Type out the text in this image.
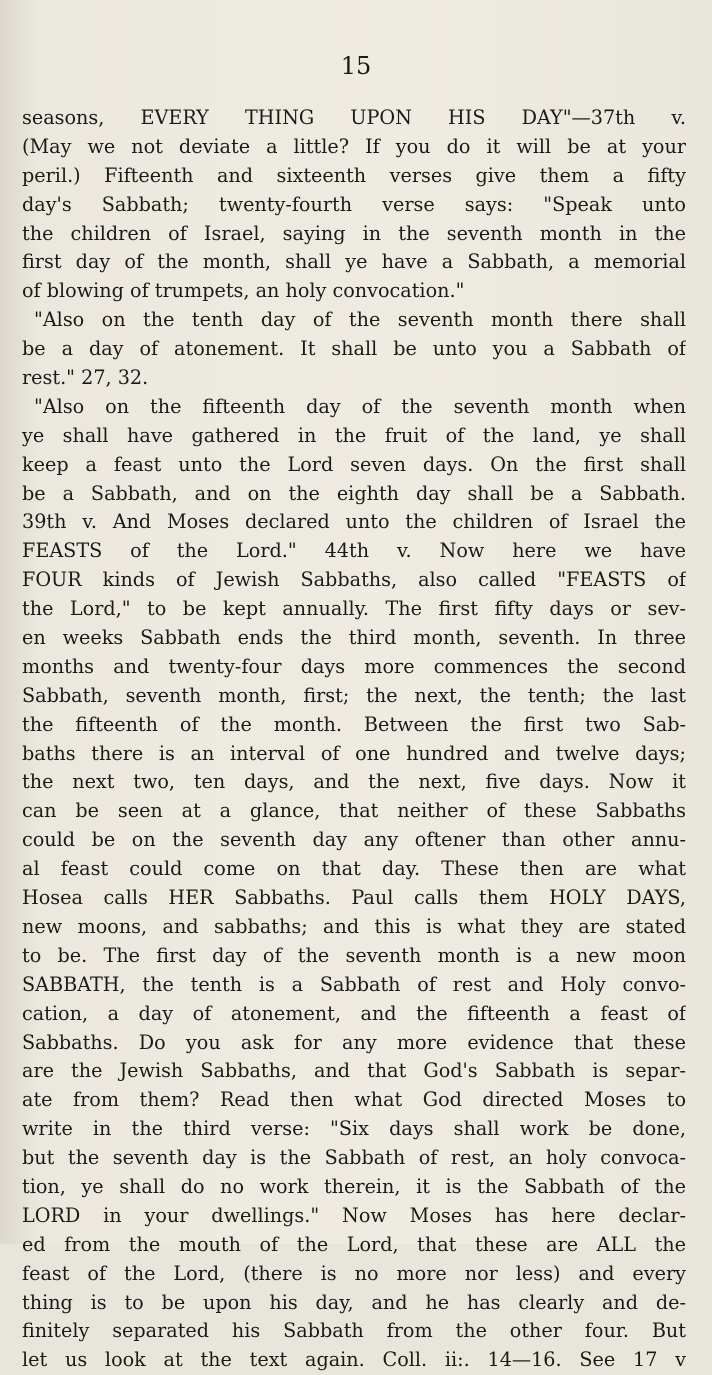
15
seasons, EVERY THING UPON HIS DAY"—37th v.
(May we not deviate a little? If you do it will be at your
peril.) Fifteenth and sixteenth verses give them a fifty
day's Sabbath; twenty-fourth verse says: "Speak unto
the children of Israel, saying in the seventh month in the
first day of the month, shall ye have a Sabbath, a memorial
of blowing of trumpets, an holy convocation."
"Also on the tenth day of the seventh month there shall
be a day of atonement. It shall be unto you a Sabbath of
rest." 27, 32.
"Also on the fifteenth day of the seventh month when
ye shall have gathered in the fruit of the land, ye shall
keep a feast unto the Lord seven days. On the first shall
be a Sabbath, and on the eighth day shall be a Sabbath.
39th v. And Moses declared unto the children of Israel the
FEASTS of the Lord." 44th v. Now here we have
FOUR kinds of Jewish Sabbaths, also called "FEASTS of
the Lord," to be kept annually. The first fifty days or sev-
en weeks Sabbath ends the third month, seventh. In three
months and twenty-four days more commences the second
Sabbath, seventh month, first; the next, the tenth; the last
the fifteenth of the month. Between the first two Sab-
baths there is an interval of one hundred and twelve days;
the next two, ten days, and the next, five days. Now it
can be seen at a glance, that neither of these Sabbaths
could be on the seventh day any oftener than other annu-
al feast could come on that day. These then are what
Hosea calls HER Sabbaths. Paul calls them HOLY DAYS,
new moons, and sabbaths; and this is what they are stated
to be. The first day of the seventh month is a new moon
SABBATH, the tenth is a Sabbath of rest and Holy convo-
cation, a day of atonement, and the fifteenth a feast of
Sabbaths. Do you ask for any more evidence that these
are the Jewish Sabbaths, and that God's Sabbath is separ-
ate from them? Read then what God directed Moses to
write in the third verse: "Six days shall work be done,
but the seventh day is the Sabbath of rest, an holy convoca-
tion, ye shall do no work therein, it is the Sabbath of the
LORD in your dwellings." Now Moses has here declar-
ed from the mouth of the Lord, that these are ALL the
feast of the Lord, (there is no more nor less) and every
thing is to be upon his day, and he has clearly and de-
finitely separated his Sabbath from the other four. But
let us look at the text again. Coll. ii:. 14—16. See 17 v
